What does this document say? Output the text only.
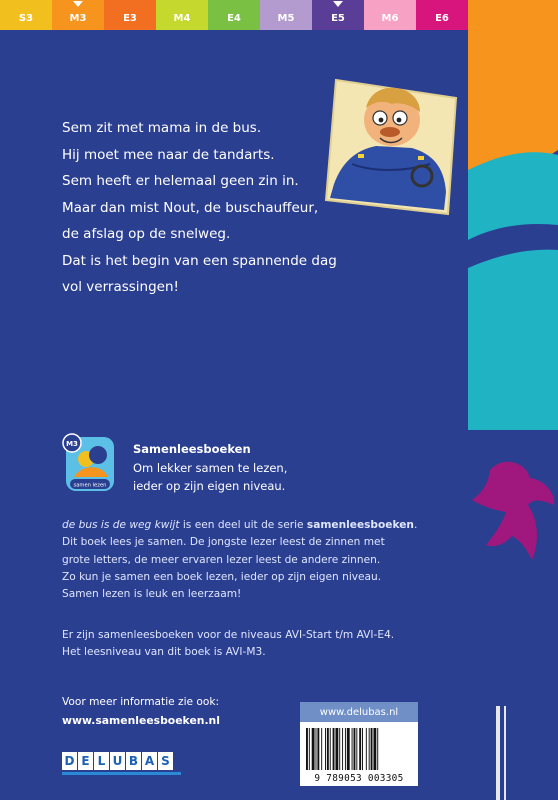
S3	M3	E3	M4	E4	M5	E5	M6	E6
Sem zit met mama in de bus.
Hij moet mee naar de tandarts.
Sem heeft er helemaal geen zin in.
Maar dan mist Nout, de buschauffeur,
de afslag op de snelweg.
Dat is het begin van een spannende dag
vol verrassingen!
M3
samen lezen
Samenleesboeken
Om lekker samen te lezen,
ieder op zijn eigen niveau.
de bus is de weg kwijt is een deel uit de serie samenleesboeken.
Dit boek lees je samen. De jongste lezer leest de zinnen met
grote letters, de meer ervaren lezer leest de andere zinnen.
Zo kun je samen een boek lezen, ieder op zijn eigen niveau.
Samen lezen is leuk en leerzaam!
Er zijn samenleesboeken voor de niveaus AVI-Start t/m AVI-E4.
Het leesniveau van dit boek is AVI-M3.
Voor meer informatie zie ook:
www.samenleesboeken.nl
D E L U B A S
www.delubas.nl
9 789053 003305
